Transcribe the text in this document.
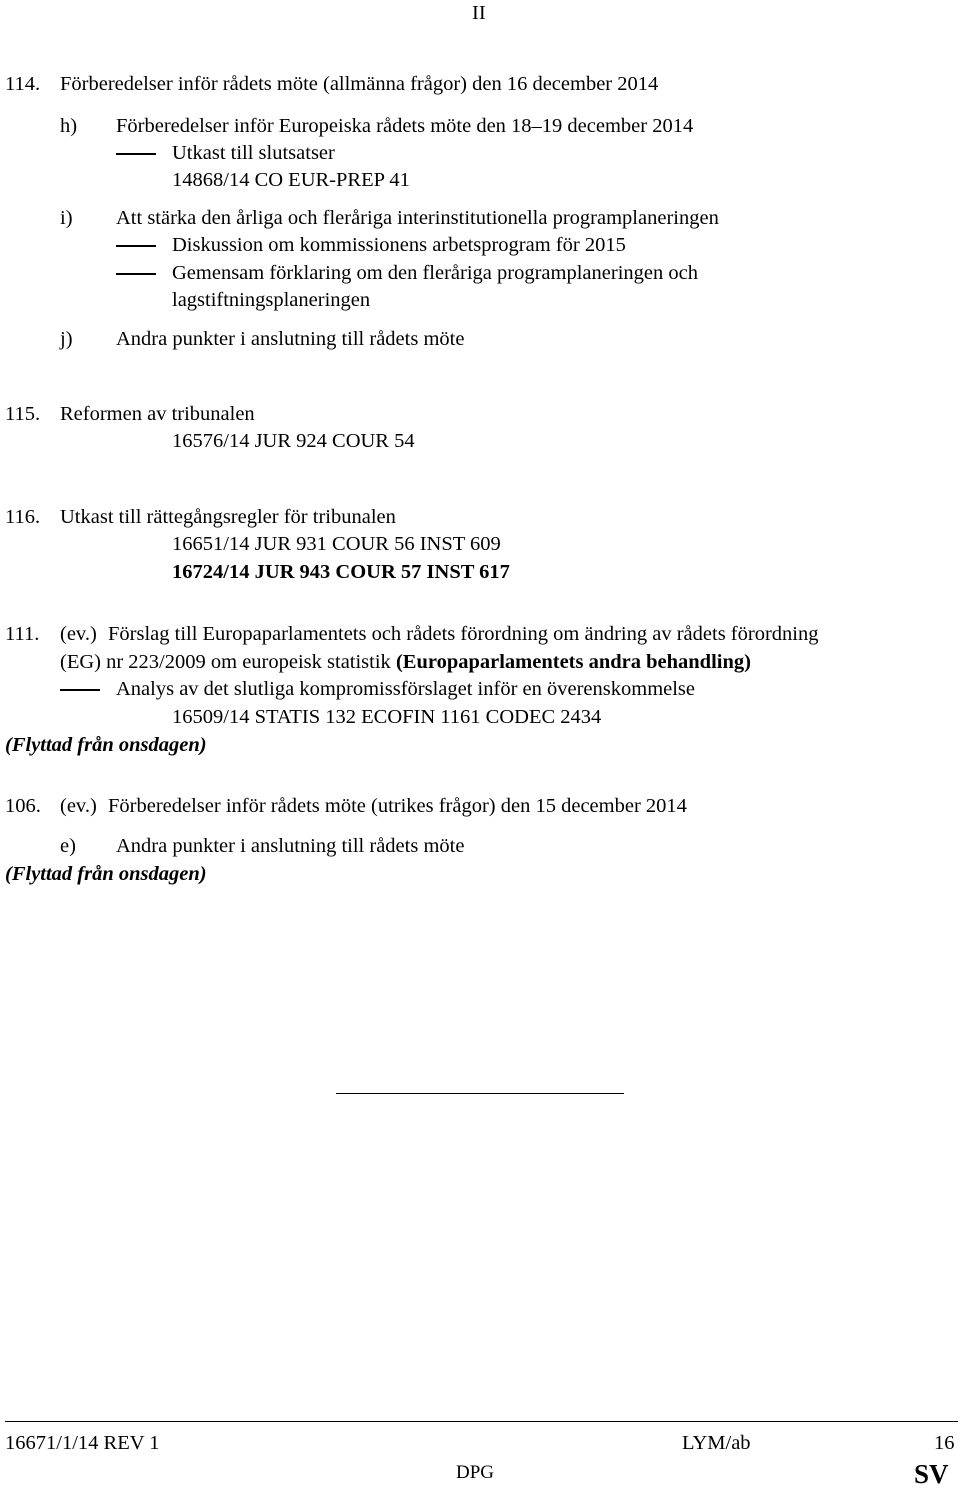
II
114. Förberedelser inför rådets möte (allmänna frågor) den 16 december 2014
h) Förberedelser inför Europeiska rådets möte den 18–19 december 2014
Utkast till slutsatser
14868/14 CO EUR-PREP 41
i) Att stärka den årliga och fleråriga interinstitutionella programplaneringen
Diskussion om kommissionens arbetsprogram för 2015
Gemensam förklaring om den fleråriga programplaneringen och
lagstiftningsplaneringen
j) Andra punkter i anslutning till rådets möte
115. Reformen av tribunalen
16576/14 JUR 924 COUR 54
116. Utkast till rättegångsregler för tribunalen
16651/14 JUR 931 COUR 56 INST 609
16724/14 JUR 943 COUR 57 INST 617
111. (ev.) Förslag till Europaparlamentets och rådets förordning om ändring av rådets förordning
(EG) nr 223/2009 om europeisk statistik (Europaparlamentets andra behandling)
Analys av det slutliga kompromissförslaget inför en överenskommelse
16509/14 STATIS 132 ECOFIN 1161 CODEC 2434
(Flyttad från onsdagen)
106. (ev.) Förberedelser inför rådets möte (utrikes frågor) den 15 december 2014
e) Andra punkter i anslutning till rådets möte
(Flyttad från onsdagen)
16671/1/14 REV 1	LYM/ab	16
DPG	SV
